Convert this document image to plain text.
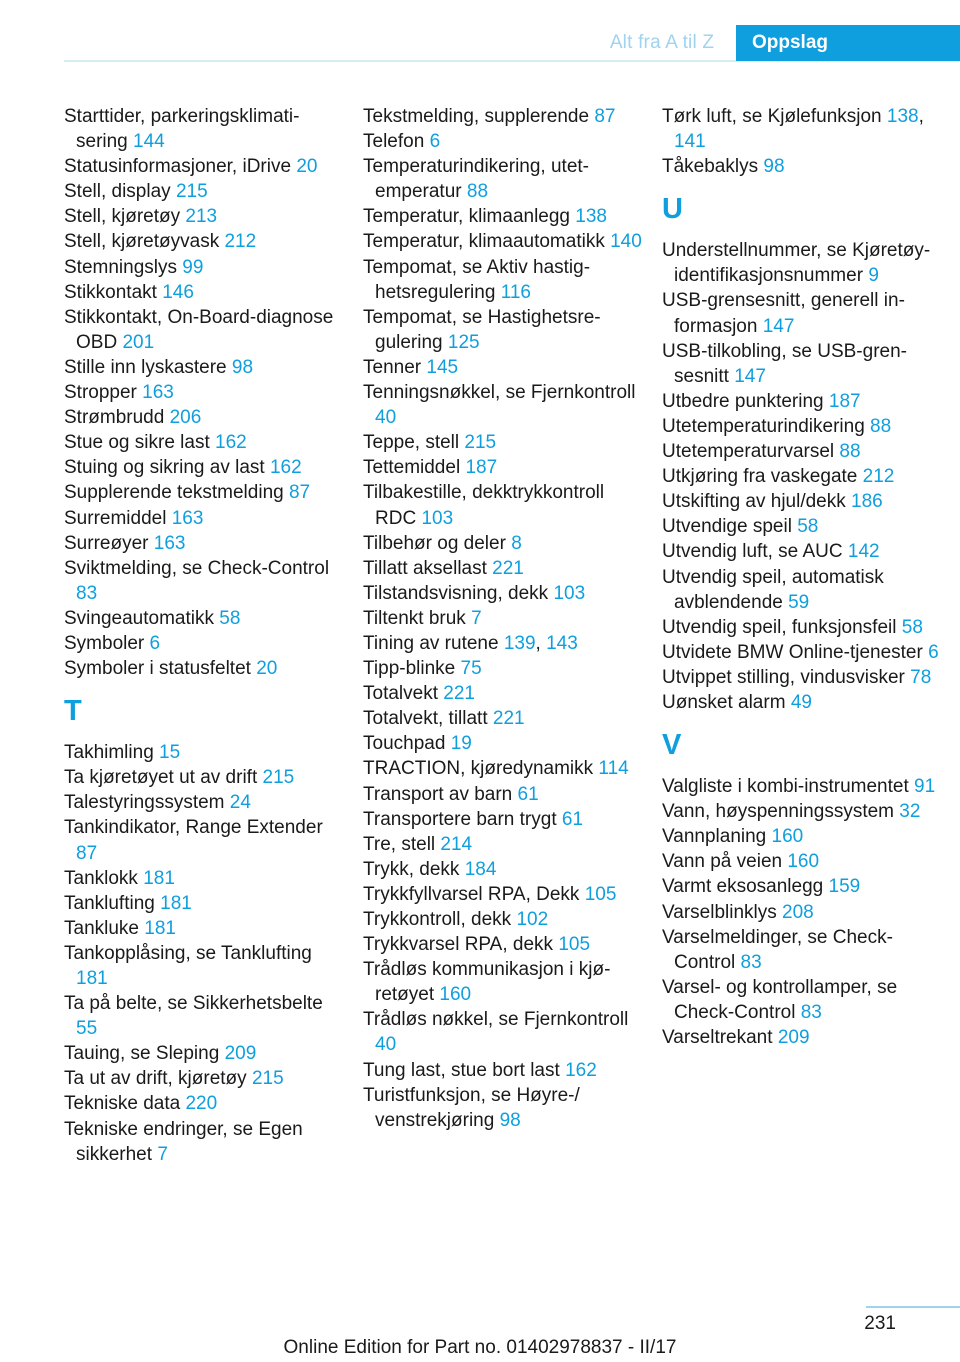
Alt fra A til Z	Oppslag
Starttider, parkeringsklimatisering 144
Statusinformasjoner, iDrive 20
Stell, display 215
Stell, kjøretøy 213
Stell, kjøretøyvask 212
Stemningslys 99
Stikkontakt 146
Stikkontakt, On-Board-diagnose OBD 201
Stille inn lyskastere 98
Stropper 163
Strømbrudd 206
Stue og sikre last 162
Stuing og sikring av last 162
Supplerende tekstmelding 87
Surremiddel 163
Surreøyer 163
Sviktmelding, se Check-Control 83
Svingeautomatikk 58
Symboler 6
Symboler i statusfeltet 20
T
Takhimling 15
Ta kjøretøyet ut av drift 215
Talestyringssystem 24
Tankindikator, Range Extender 87
Tanklokk 181
Tanklufting 181
Tankluke 181
Tankopplåsing, se Tanklufting 181
Ta på belte, se Sikkerhetsbelte 55
Tauing, se Sleping 209
Ta ut av drift, kjøretøy 215
Tekniske data 220
Tekniske endringer, se Egen sikkerhet 7
Tekstmelding, supplerende 87
Telefon 6
Temperaturindikering, utetemperatur 88
Temperatur, klimaanlegg 138
Temperatur, klimaautomatikk 140
Tempomat, se Aktiv hastighetsregulering 116
Tempomat, se Hastighetsregulering 125
Tenner 145
Tenningsnøkkel, se Fjernkontroll 40
Teppe, stell 215
Tettemiddel 187
Tilbakestille, dekktrykkontroll RDC 103
Tilbehør og deler 8
Tillatt aksellast 221
Tilstandsvisning, dekk 103
Tiltenkt bruk 7
Tining av rutene 139, 143
Tipp-blinke 75
Totalvekt 221
Totalvekt, tillatt 221
Touchpad 19
TRACTION, kjøredynamikk 114
Transport av barn 61
Transportere barn trygt 61
Tre, stell 214
Trykk, dekk 184
Trykkfyllvarsel RPA, Dekk 105
Trykkontroll, dekk 102
Trykkvarsel RPA, dekk 105
Trådløs kommunikasjon i kjøretøyet 160
Trådløs nøkkel, se Fjernkontroll 40
Tung last, stue bort last 162
Turistfunksjon, se Høyre-/ venstrekjøring 98
Tørk luft, se Kjølefunksjon 138, 141
Tåkebaklys 98
U
Understellnummer, se Kjøretøy-identifikasjonsnummer 9
USB-grensesnitt, generell informasjon 147
USB-tilkobling, se USB-grensesnitt 147
Utbedre punktering 187
Utetemperaturindikering 88
Utetemperaturvarsel 88
Utkjøring fra vaskegate 212
Utskifting av hjul/dekk 186
Utvendige speil 58
Utvendig luft, se AUC 142
Utvendig speil, automatisk avblendende 59
Utvendig speil, funksjonsfeil 58
Utvidete BMW Online-tjenester 6
Utvippet stilling, vindusvisker 78
Uønsket alarm 49
V
Valgliste i kombi-instrumentet 91
Vann, høyspenningssystem 32
Vannplaning 160
Vann på veien 160
Varmt eksosanlegg 159
Varselblinklys 208
Varselmeldinger, se Check-Control 83
Varsel- og kontrollamper, se Check-Control 83
Varseltrekant 209
231
Online Edition for Part no. 01402978837 - II/17
